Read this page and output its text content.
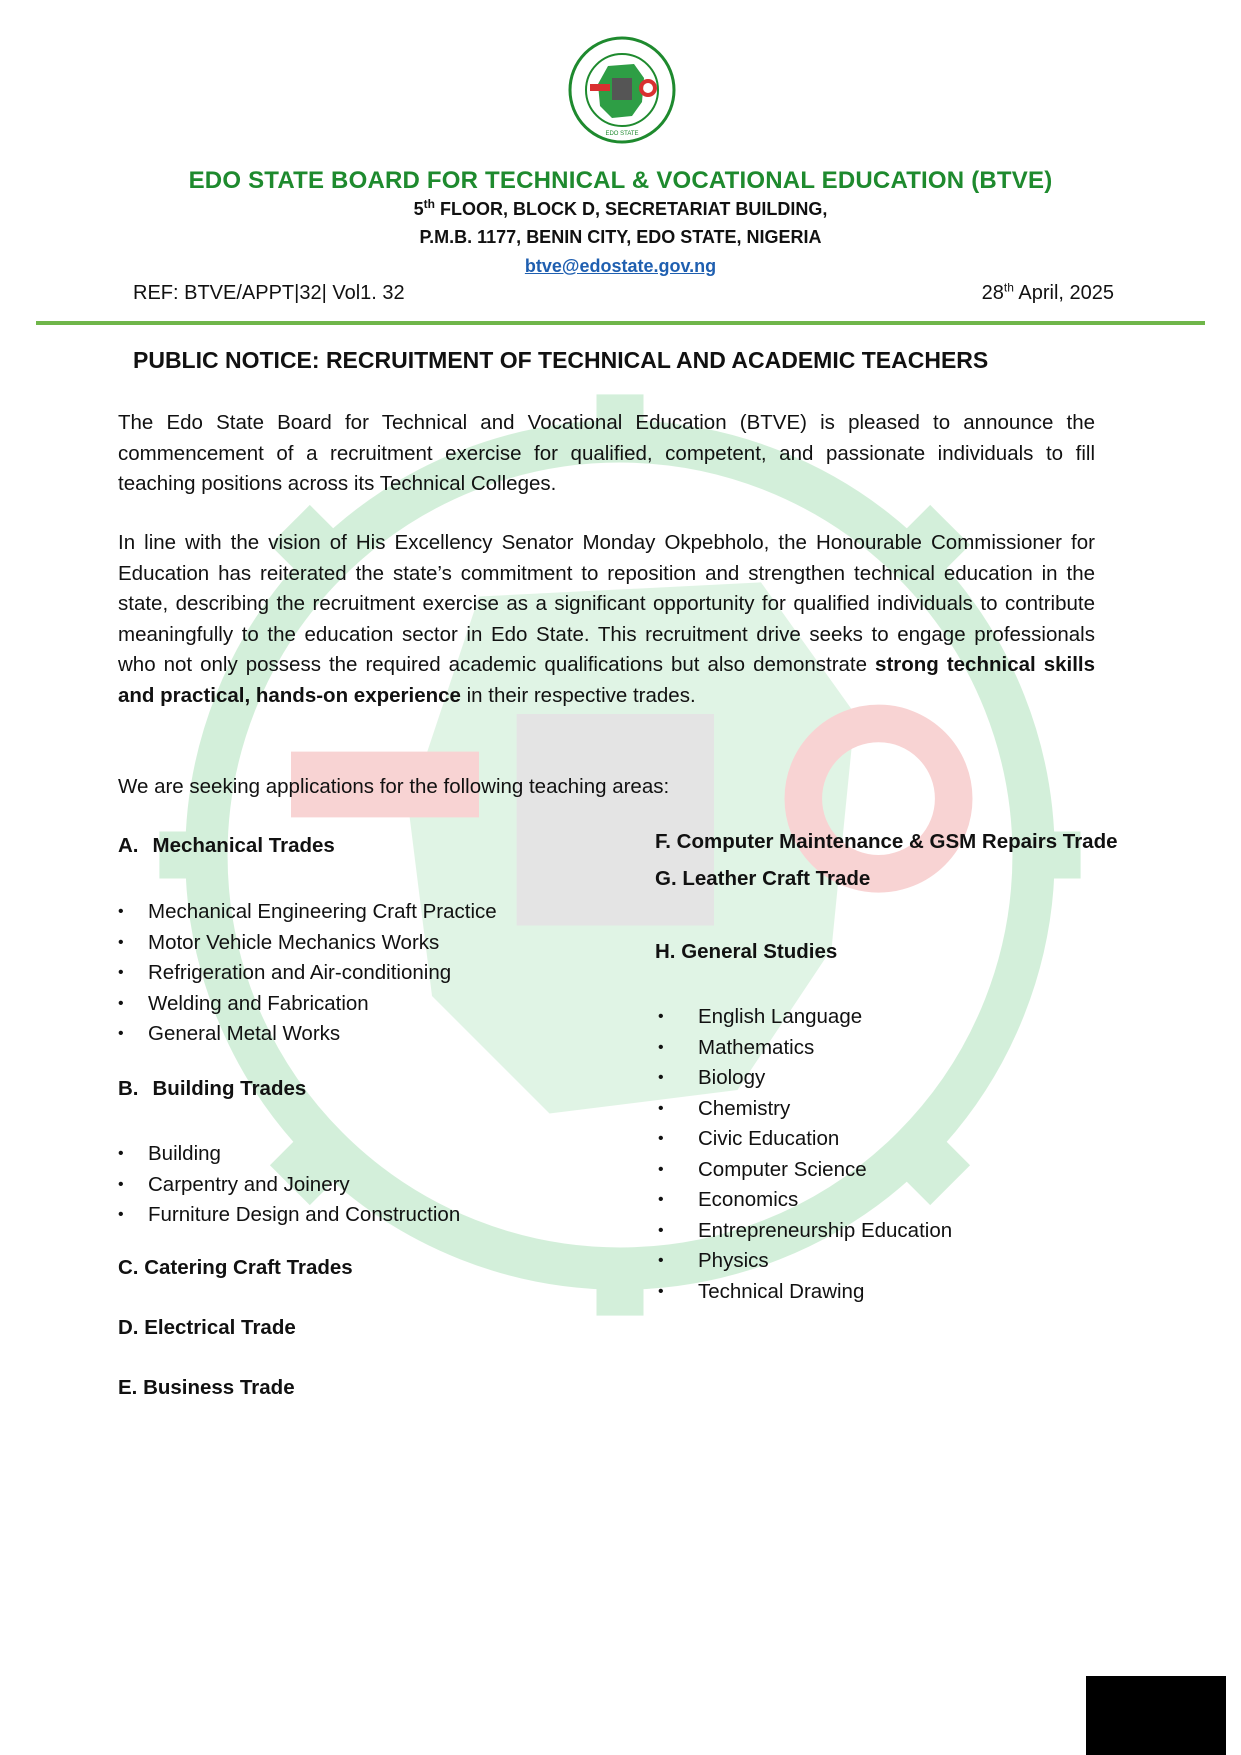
EDO STATE
EDO STATE BOARD FOR TECHNICAL & VOCATIONAL EDUCATION (BTVE)
5th FLOOR, BLOCK D, SECRETARIAT BUILDING,
P.M.B. 1177, BENIN CITY, EDO STATE, NIGERIA
btve@edostate.gov.ng
REF: BTVE/APPT|32| Vol1. 32	28th April, 2025
PUBLIC NOTICE: RECRUITMENT OF TECHNICAL AND ACADEMIC TEACHERS
The Edo State Board for Technical and Vocational Education (BTVE) is pleased to announce the commencement of a recruitment exercise for qualified, competent, and passionate individuals to fill teaching positions across its Technical Colleges.
In line with the vision of His Excellency Senator Monday Okpebholo, the Honourable Commissioner for Education has reiterated the state’s commitment to reposition and strengthen technical education in the state, describing the recruitment exercise as a significant opportunity for qualified individuals to contribute meaningfully to the education sector in Edo State. This recruitment drive seeks to engage professionals who not only possess the required academic qualifications but also demonstrate strong technical skills and practical, hands-on experience in their respective trades.
We are seeking applications for the following teaching areas:
A. Mechanical Trades
• Mechanical Engineering Craft Practice
• Motor Vehicle Mechanics Works
• Refrigeration and Air-conditioning
• Welding and Fabrication
• General Metal Works
B. Building Trades
• Building
• Carpentry and Joinery
• Furniture Design and Construction
C. Catering Craft Trades
D. Electrical Trade
E. Business Trade
F. Computer Maintenance & GSM Repairs Trade
G. Leather Craft Trade
H. General Studies
• English Language
• Mathematics
• Biology
• Chemistry
• Civic Education
• Computer Science
• Economics
• Entrepreneurship Education
• Physics
• Technical Drawing
